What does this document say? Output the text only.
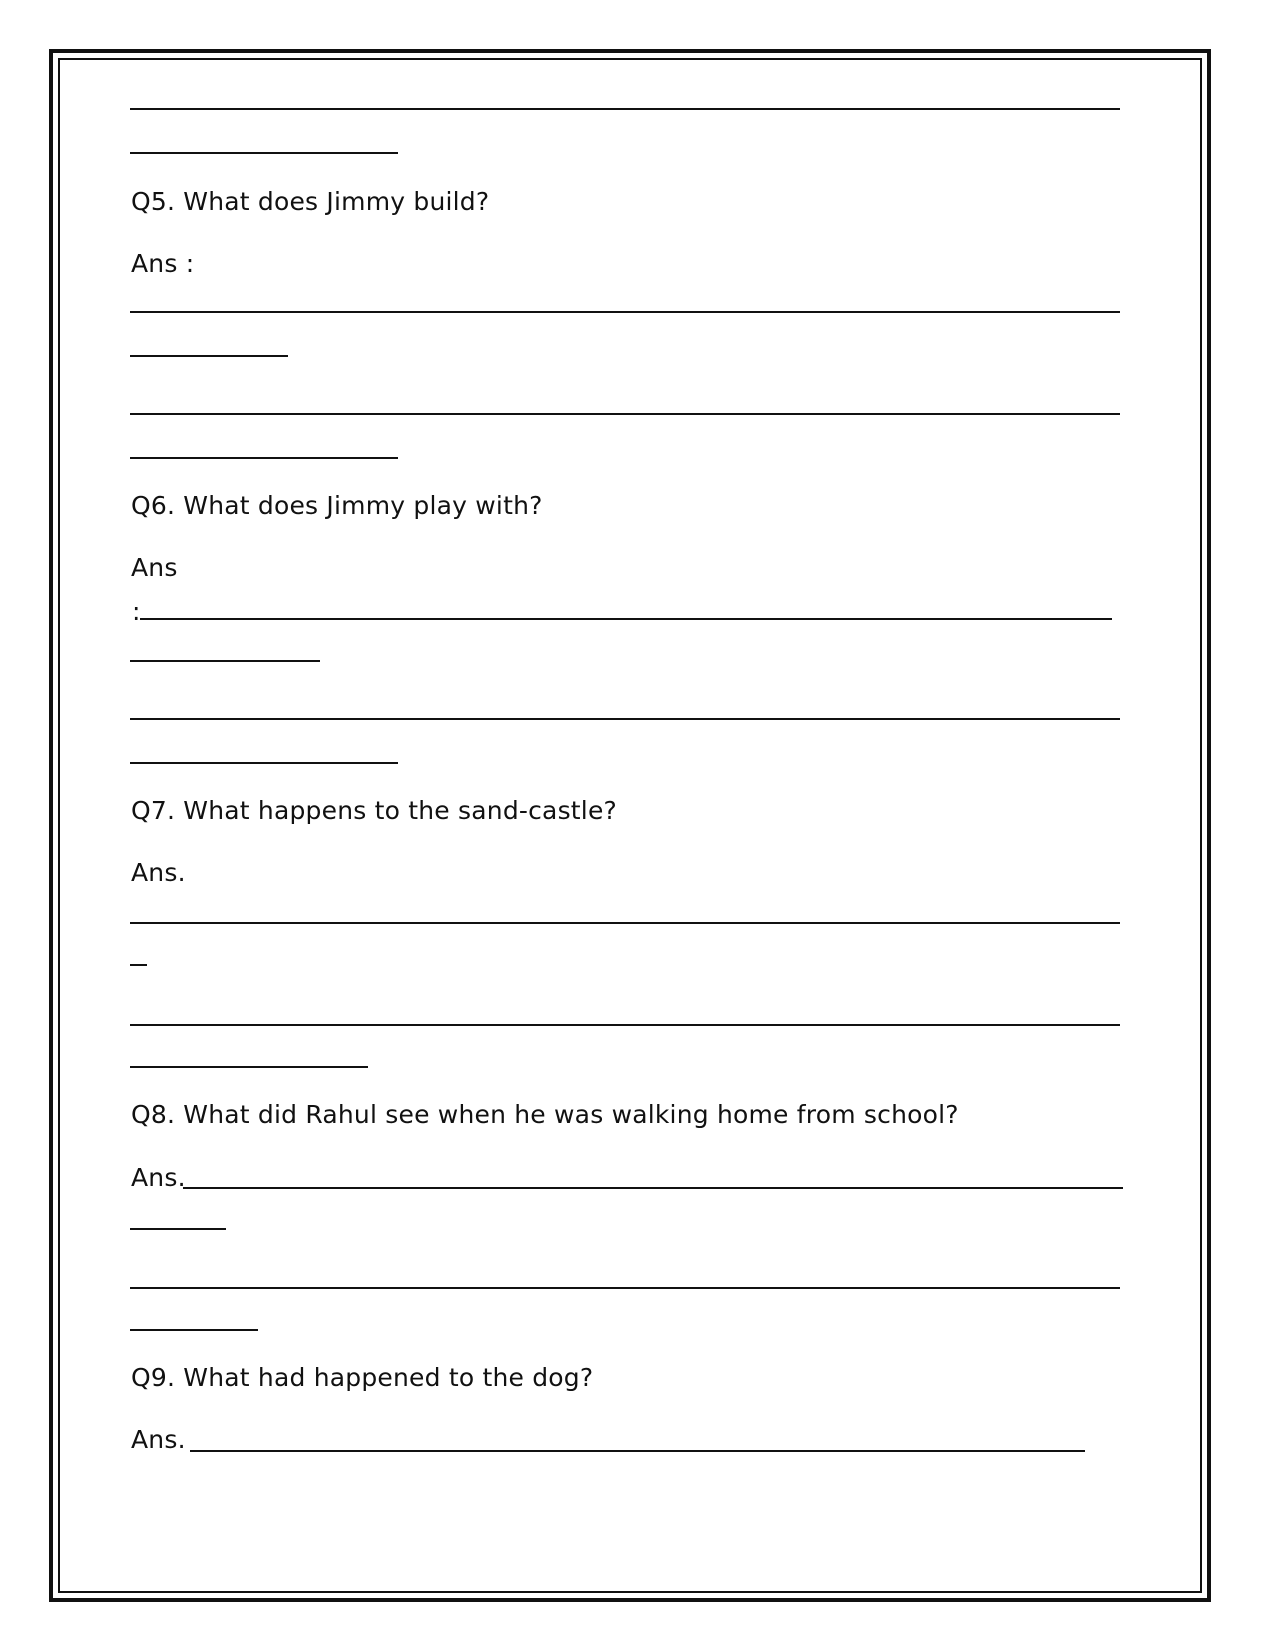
Q5. What does Jimmy build?
Ans :
Q6. What does Jimmy play with?
Ans
:
Q7. What happens to the sand-castle?
Ans.
Q8. What did Rahul see when he was walking home from school?
Ans.
Q9. What had happened to the dog?
Ans.
